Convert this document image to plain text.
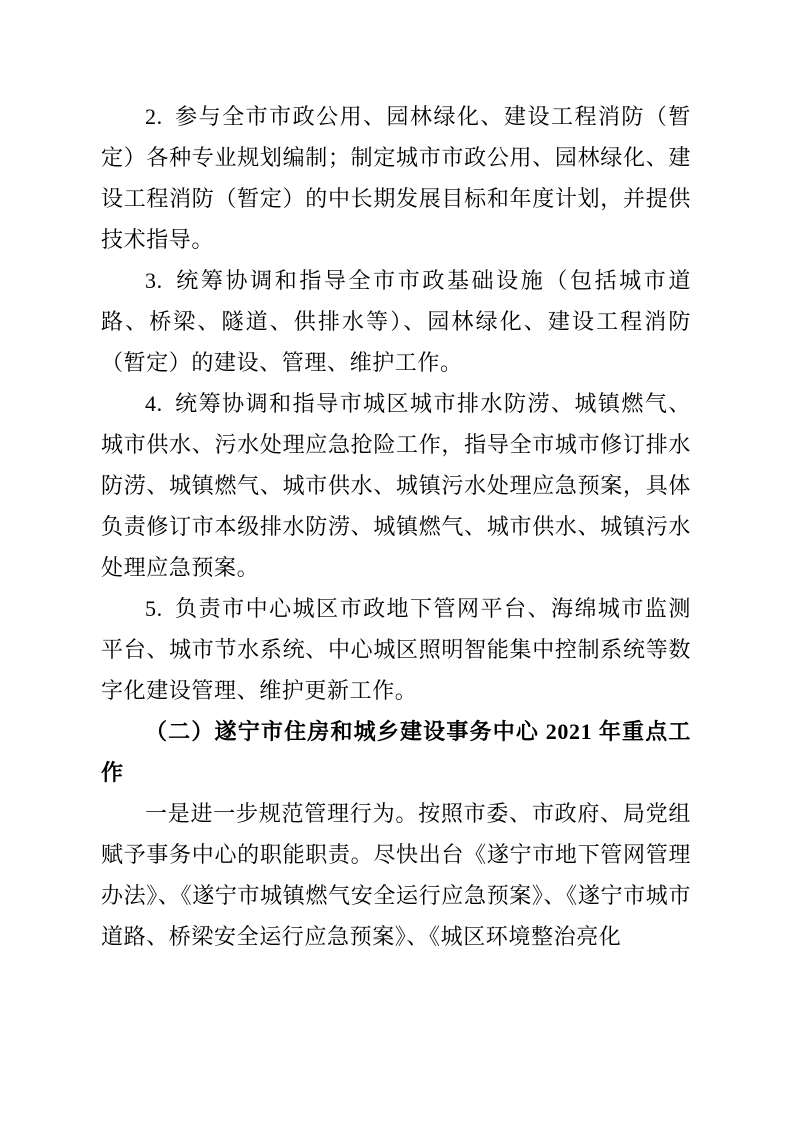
2. 参与全市市政公用、园林绿化、建设工程消防（暂定）各种专业规划编制；制定城市市政公用、园林绿化、建设工程消防（暂定）的中长期发展目标和年度计划，并提供技术指导。

3. 统筹协调和指导全市市政基础设施（包括城市道路、桥梁、隧道、供排水等）、园林绿化、建设工程消防（暂定）的建设、管理、维护工作。

4. 统筹协调和指导市城区城市排水防涝、城镇燃气、城市供水、污水处理应急抢险工作，指导全市城市修订排水防涝、城镇燃气、城市供水、城镇污水处理应急预案，具体负责修订市本级排水防涝、城镇燃气、城市供水、城镇污水处理应急预案。

5. 负责市中心城区市政地下管网平台、海绵城市监测平台、城市节水系统、中心城区照明智能集中控制系统等数字化建设管理、维护更新工作。

（二）遂宁市住房和城乡建设事务中心 2021 年重点工作

一是进一步规范管理行为。按照市委、市政府、局党组赋予事务中心的职能职责。尽快出台《遂宁市地下管网管理办法》、《遂宁市城镇燃气安全运行应急预案》、《遂宁市城市道路、桥梁安全运行应急预案》、《城区环境整治亮化
